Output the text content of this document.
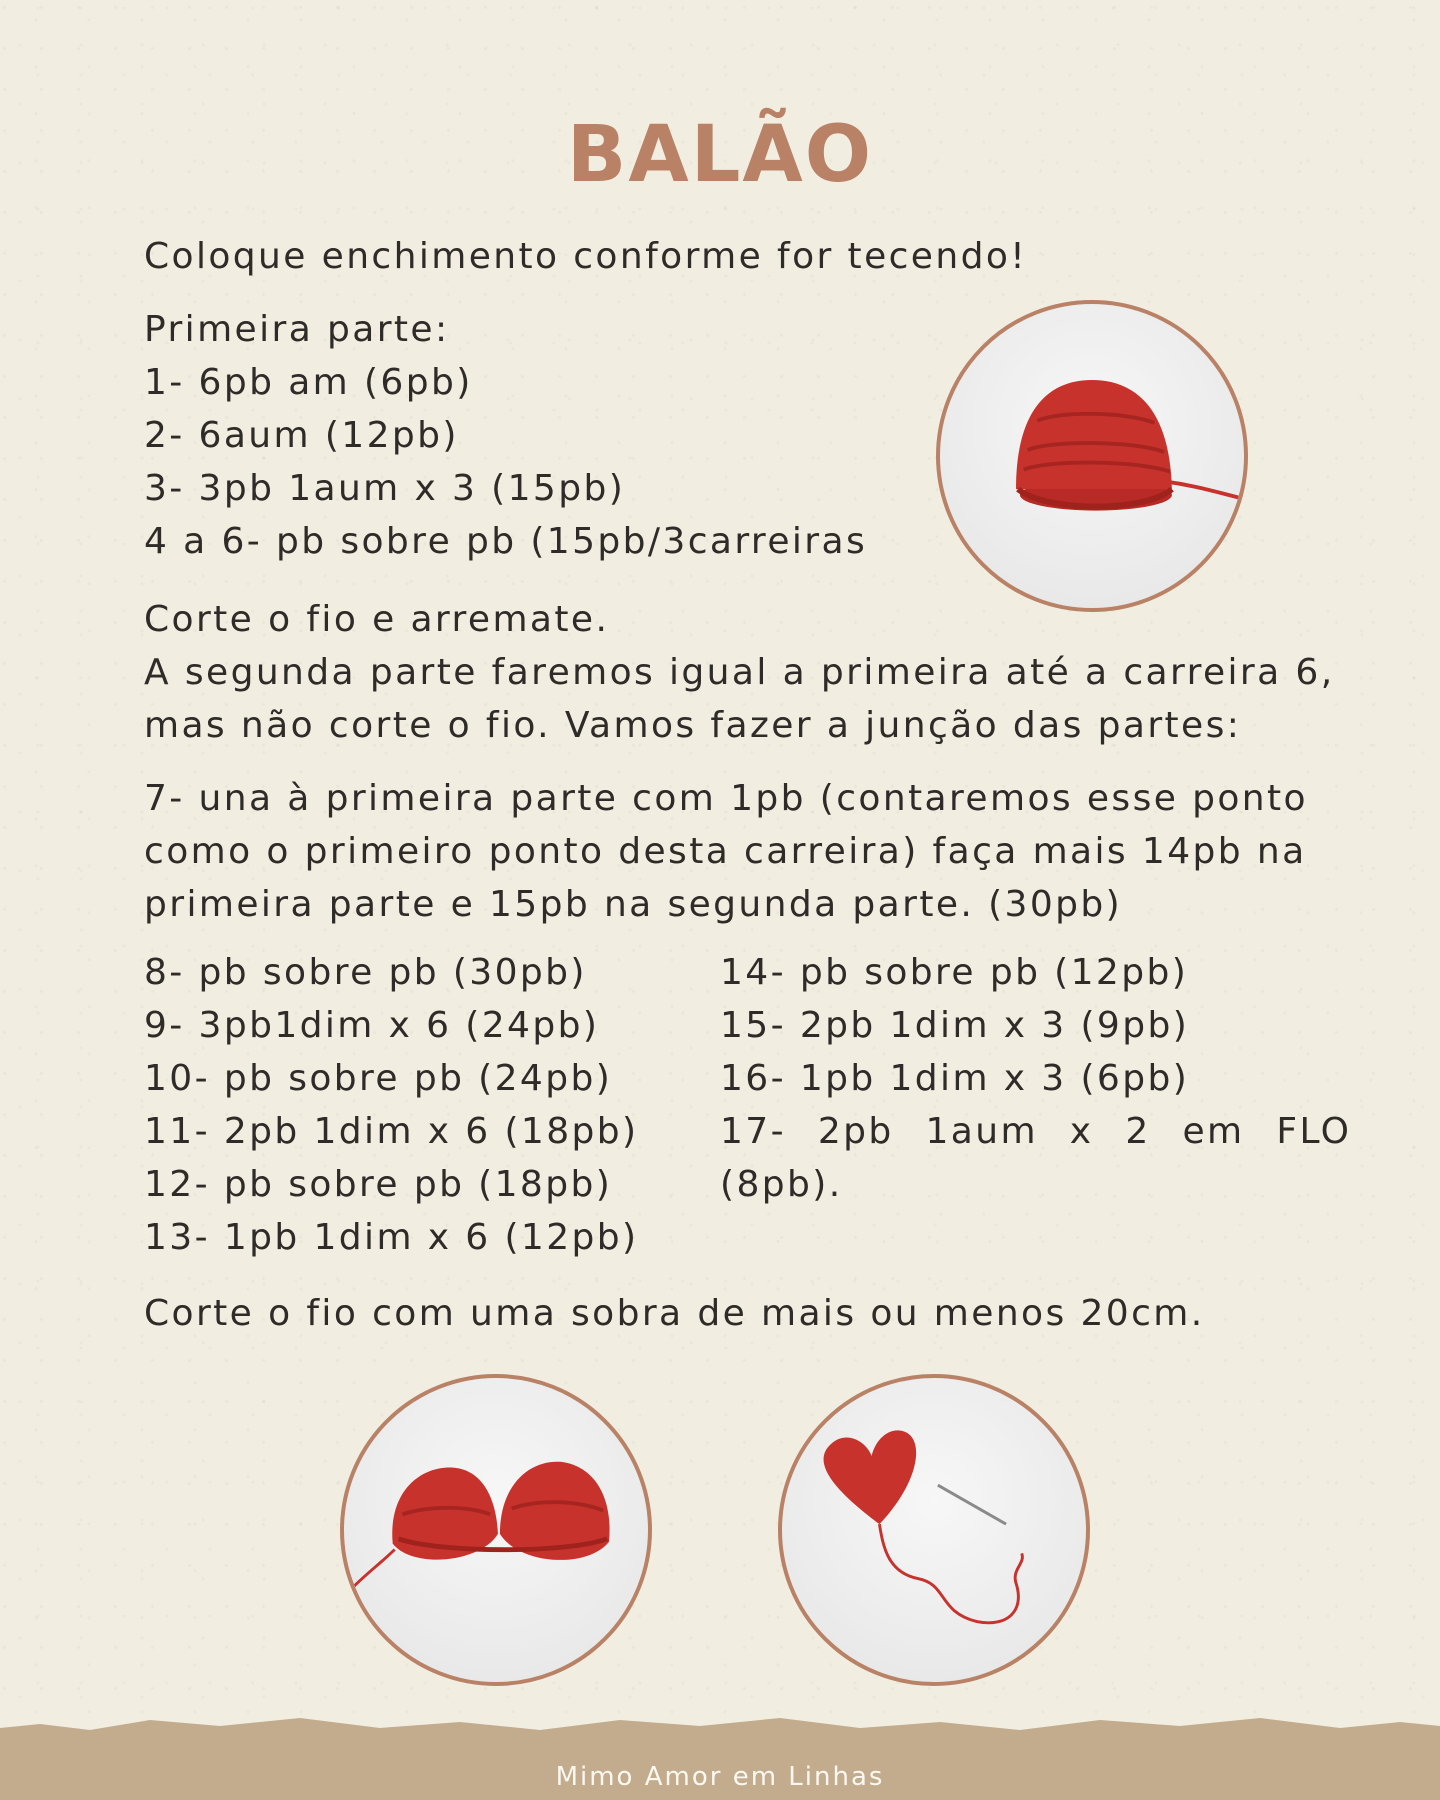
BALÃO

Coloque enchimento conforme for tecendo!

Primeira parte:
1- 6pb am (6pb)
2- 6aum (12pb)
3- 3pb 1aum x 3 (15pb)
4 a 6- pb sobre pb (15pb/3carreiras

Corte o fio e arremate.

A segunda parte faremos igual a primeira até a carreira 6,

mas não corte o fio. Vamos fazer a junção das partes:

7- una à primeira parte com 1pb (contaremos esse ponto
como o primeiro ponto desta carreira) faça mais 14pb na

primeira parte e 15pb na segunda parte. (30pb)

8- pb sobre pb (30pb)
9- 3pb1dim x 6 (24pb)
10- pb sobre pb (24pb)
11- 2pb 1dim x 6 (18pb)
12- pb sobre pb (18pb)
13- 1pb 1dim x 6 (12pb)
14- pb sobre pb (12pb)
15- 2pb 1dim x 3 (9pb)
16- 1pb 1dim x 3 (6pb)
17- 2pb 1aum x 2 em FLO
(8pb).

Corte o fio com uma sobra de mais ou menos 20cm.

Mimo Amor em Linhas
